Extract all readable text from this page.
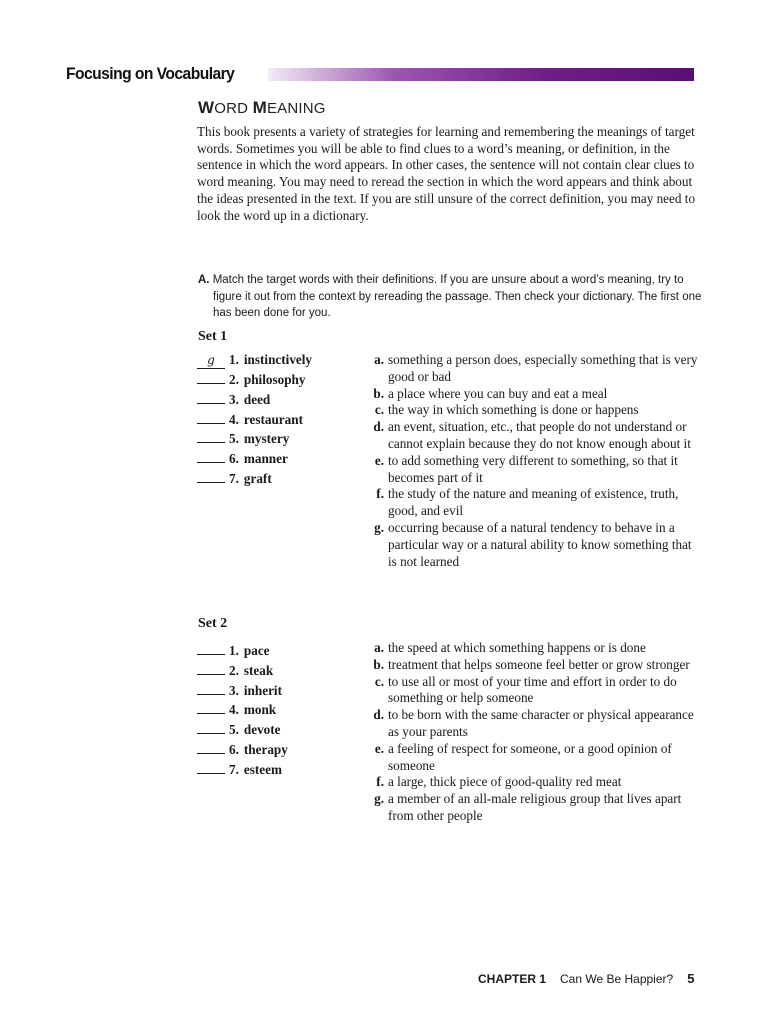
Focusing on Vocabulary
WORD MEANING
This book presents a variety of strategies for learning and remembering the meanings of target words. Sometimes you will be able to find clues to a word’s meaning, or definition, in the sentence in which the word appears. In other cases, the sentence will not contain clear clues to word meaning. You may need to reread the section in which the word appears and think about the ideas presented in the text. If you are still unsure of the correct definition, you may need to look the word up in a dictionary.
A. Match the target words with their definitions. If you are unsure about a word’s meaning, try to figure it out from the context by rereading the passage. Then check your dictionary. The first one has been done for you.
Set 1
g	1. instinctively
2. philosophy
3. deed
4. restaurant
5. mystery
6. manner
7. graft
a. something a person does, especially something that is very good or bad
b. a place where you can buy and eat a meal
c. the way in which something is done or happens
d. an event, situation, etc., that people do not understand or cannot explain because they do not know enough about it
e. to add something very different to something, so that it becomes part of it
f. the study of the nature and meaning of existence, truth, good, and evil
g. occurring because of a natural tendency to behave in a particular way or a natural ability to know something that is not learned
Set 2
1. pace
2. steak
3. inherit
4. monk
5. devote
6. therapy
7. esteem
a. the speed at which something happens or is done
b. treatment that helps someone feel better or grow stronger
c. to use all or most of your time and effort in order to do something or help someone
d. to be born with the same character or physical appearance as your parents
e. a feeling of respect for someone, or a good opinion of someone
f. a large, thick piece of good-quality red meat
g. a member of an all-male religious group that lives apart from other people
CHAPTER 1 Can We Be Happier? 5
